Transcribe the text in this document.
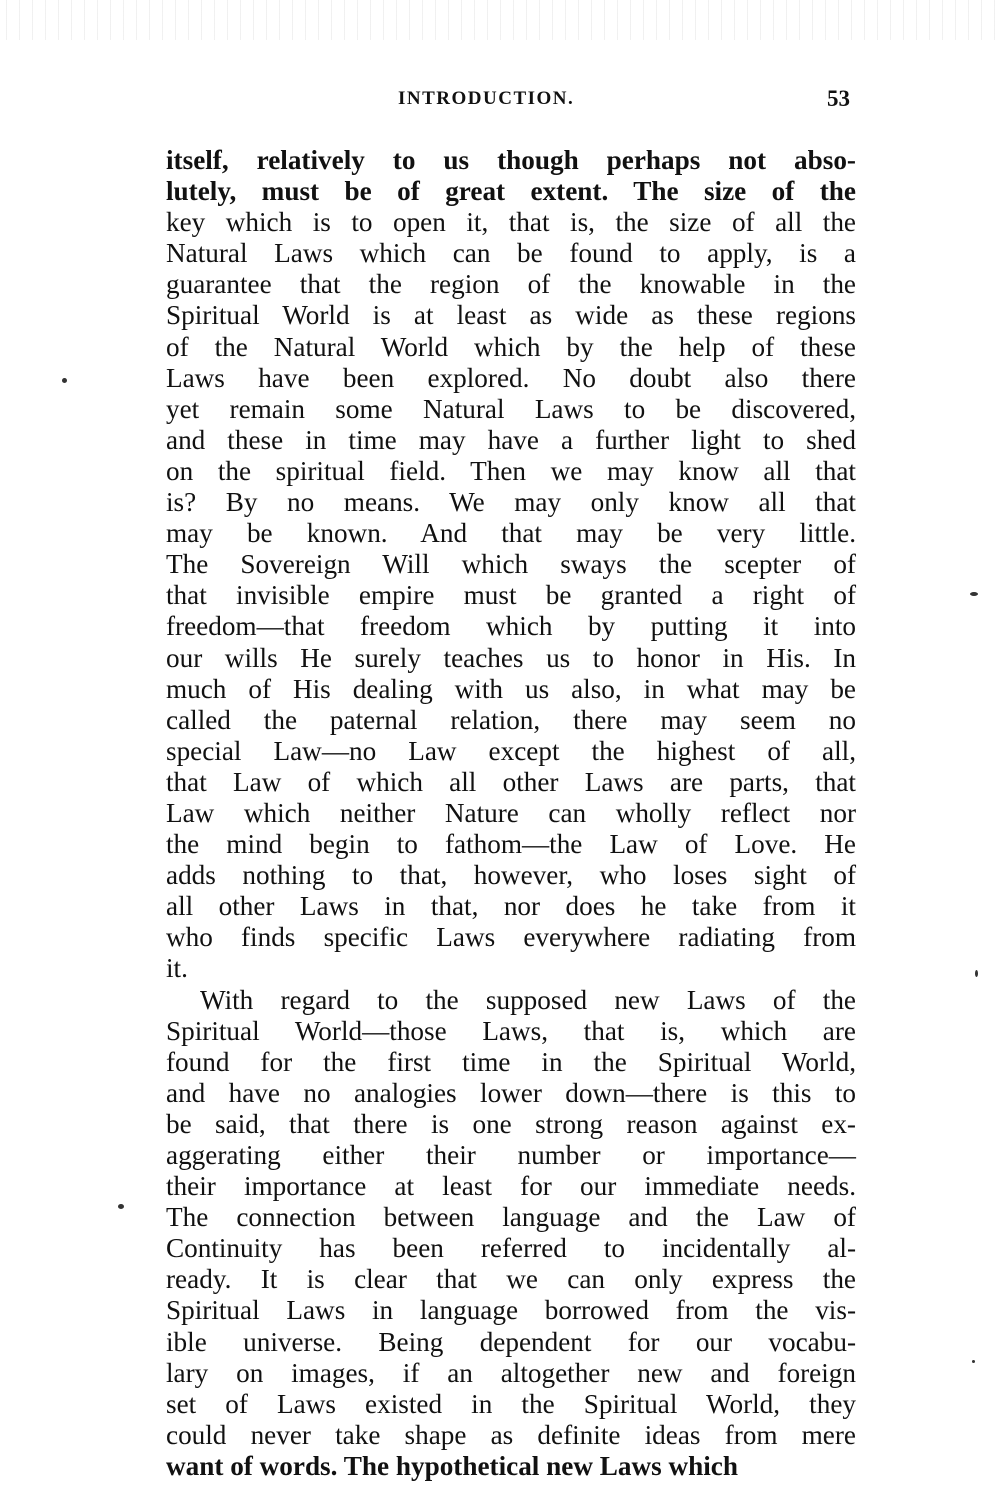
INTRODUCTION.	53
itself, relatively to us though perhaps not abso-
lutely, must be of great extent. The size of the
key which is to open it, that is, the size of all the
Natural Laws which can be found to apply, is a
guarantee that the region of the knowable in the
Spiritual World is at least as wide as these regions
of the Natural World which by the help of these
Laws have been explored. No doubt also there
yet remain some Natural Laws to be discovered,
and these in time may have a further light to shed
on the spiritual field. Then we may know all that
is? By no means. We may only know all that
may be known. And that may be very little.
The Sovereign Will which sways the scepter of
that invisible empire must be granted a right of
freedom—that freedom which by putting it into
our wills He surely teaches us to honor in His. In
much of His dealing with us also, in what may be
called the paternal relation, there may seem no
special Law—no Law except the highest of all,
that Law of which all other Laws are parts, that
Law which neither Nature can wholly reflect nor
the mind begin to fathom—the Law of Love. He
adds nothing to that, however, who loses sight of
all other Laws in that, nor does he take from it
who finds specific Laws everywhere radiating from
it.
With regard to the supposed new Laws of the
Spiritual World—those Laws, that is, which are
found for the first time in the Spiritual World,
and have no analogies lower down—there is this to
be said, that there is one strong reason against ex-
aggerating either their number or importance—
their importance at least for our immediate needs.
The connection between language and the Law of
Continuity has been referred to incidentally al-
ready. It is clear that we can only express the
Spiritual Laws in language borrowed from the vis-
ible universe. Being dependent for our vocabu-
lary on images, if an altogether new and foreign
set of Laws existed in the Spiritual World, they
could never take shape as definite ideas from mere
want of words. The hypothetical new Laws which
